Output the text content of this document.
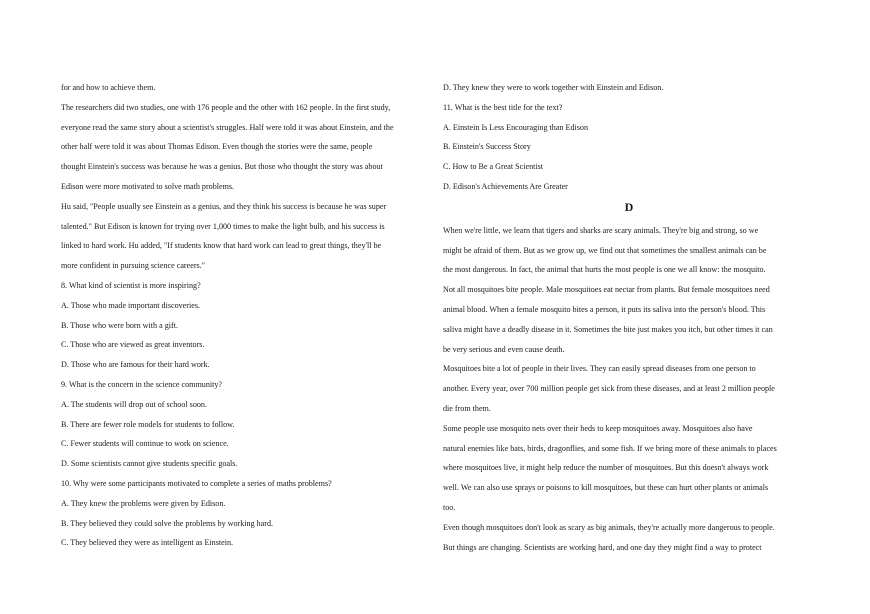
for and how to achieve them.
The researchers did two studies, one with 176 people and the other with 162 people. In the first study,
everyone read the same story about a scientist's struggles. Half were told it was about Einstein, and the
other half were told it was about Thomas Edison. Even though the stories were the same, people
thought Einstein's success was because he was a genius. But those who thought the story was about
Edison were more motivated to solve math problems.
Hu said, "People usually see Einstein as a genius, and they think his success is because he was super
talented." But Edison is known for trying over 1,000 times to make the light bulb, and his success is
linked to hard work. Hu added, "If students know that hard work can lead to great things, they'll be
more confident in pursuing science careers."
8. What kind of scientist is more inspiring?
A. Those who made important discoveries.
B. Those who were born with a gift.
C. Those who are viewed as great inventors.
D. Those who are famous for their hard work.
9. What is the concern in the science community?
A. The students will drop out of school soon.
B. There are fewer role models for students to follow.
C. Fewer students will continue to work on science.
D. Some scientists cannot give students specific goals.
10. Why were some participants motivated to complete a series of maths problems?
A. They knew the problems were given by Edison.
B. They believed they could solve the problems by working hard.
C. They believed they were as intelligent as Einstein.
D. They knew they were to work together with Einstein and Edison.
11. What is the best title for the text?
A. Einstein Is Less Encouraging than Edison
B. Einstein's Success Story
C. How to Be a Great Scientist
D. Edison's Achievements Are Greater
D
When we're little, we learn that tigers and sharks are scary animals. They're big and strong, so we
might be afraid of them. But as we grow up, we find out that sometimes the smallest animals can be
the most dangerous. In fact, the animal that hurts the most people is one we all know: the mosquito.
Not all mosquitoes bite people. Male mosquitoes eat nectar from plants. But female mosquitoes need
animal blood. When a female mosquito bites a person, it puts its saliva into the person's blood. This
saliva might have a deadly disease in it. Sometimes the bite just makes you itch, but other times it can
be very serious and even cause death.
Mosquitoes bite a lot of people in their lives. They can easily spread diseases from one person to
another. Every year, over 700 million people get sick from these diseases, and at least 2 million people
die from them.
Some people use mosquito nets over their beds to keep mosquitoes away. Mosquitoes also have
natural enemies like bats, birds, dragonflies, and some fish. If we bring more of these animals to places
where mosquitoes live, it might help reduce the number of mosquitoes. But this doesn't always work
well. We can also use sprays or poisons to kill mosquitoes, but these can hurt other plants or animals
too.
Even though mosquitoes don't look as scary as big animals, they're actually more dangerous to people.
But things are changing. Scientists are working hard, and one day they might find a way to protect
